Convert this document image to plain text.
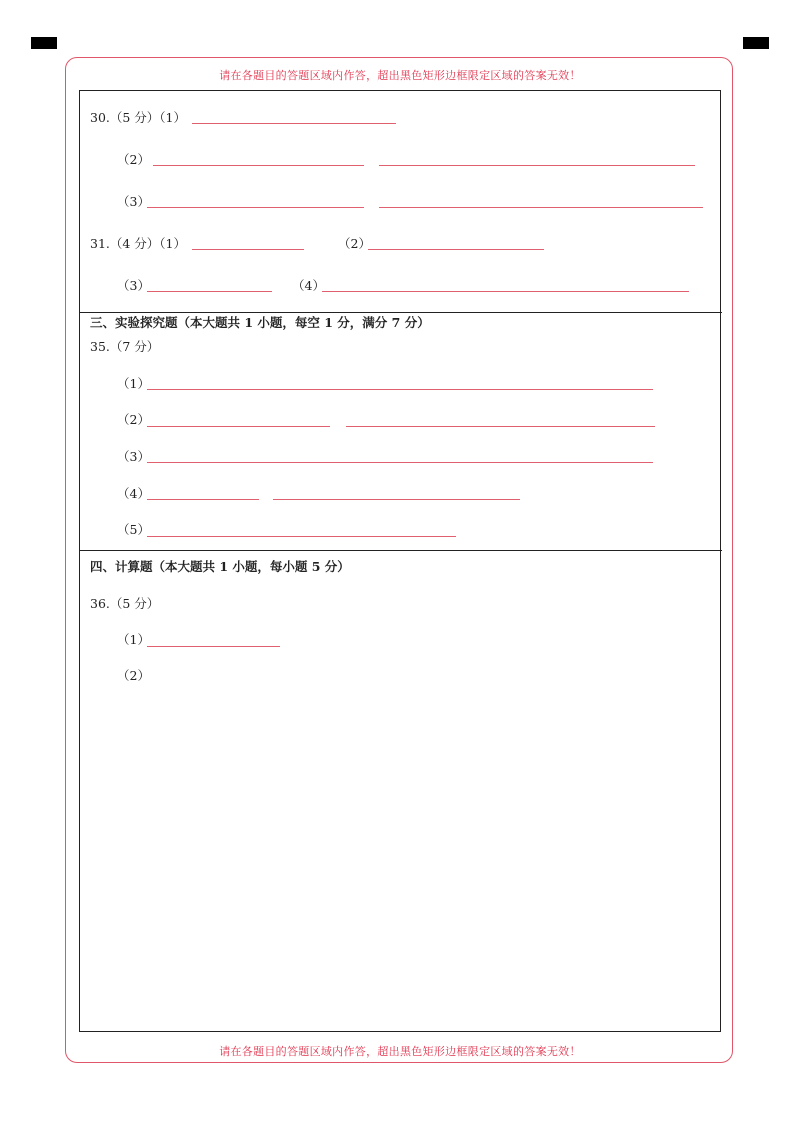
请在各题目的答题区域内作答，超出黑色矩形边框限定区域的答案无效！
请在各题目的答题区域内作答，超出黑色矩形边框限定区域的答案无效！
30.（5 分）（1）
（2）
（3）
31.（4 分）（1）	（2）
（3）	（4）
三、实验探究题（本大题共 1 小题，每空 1 分，满分 7 分）
35.（7 分）
（1）
（2）
（3）
（4）
（5）
四、计算题（本大题共 1 小题，每小题 5 分）
36.（5 分）
（1）
（2）
